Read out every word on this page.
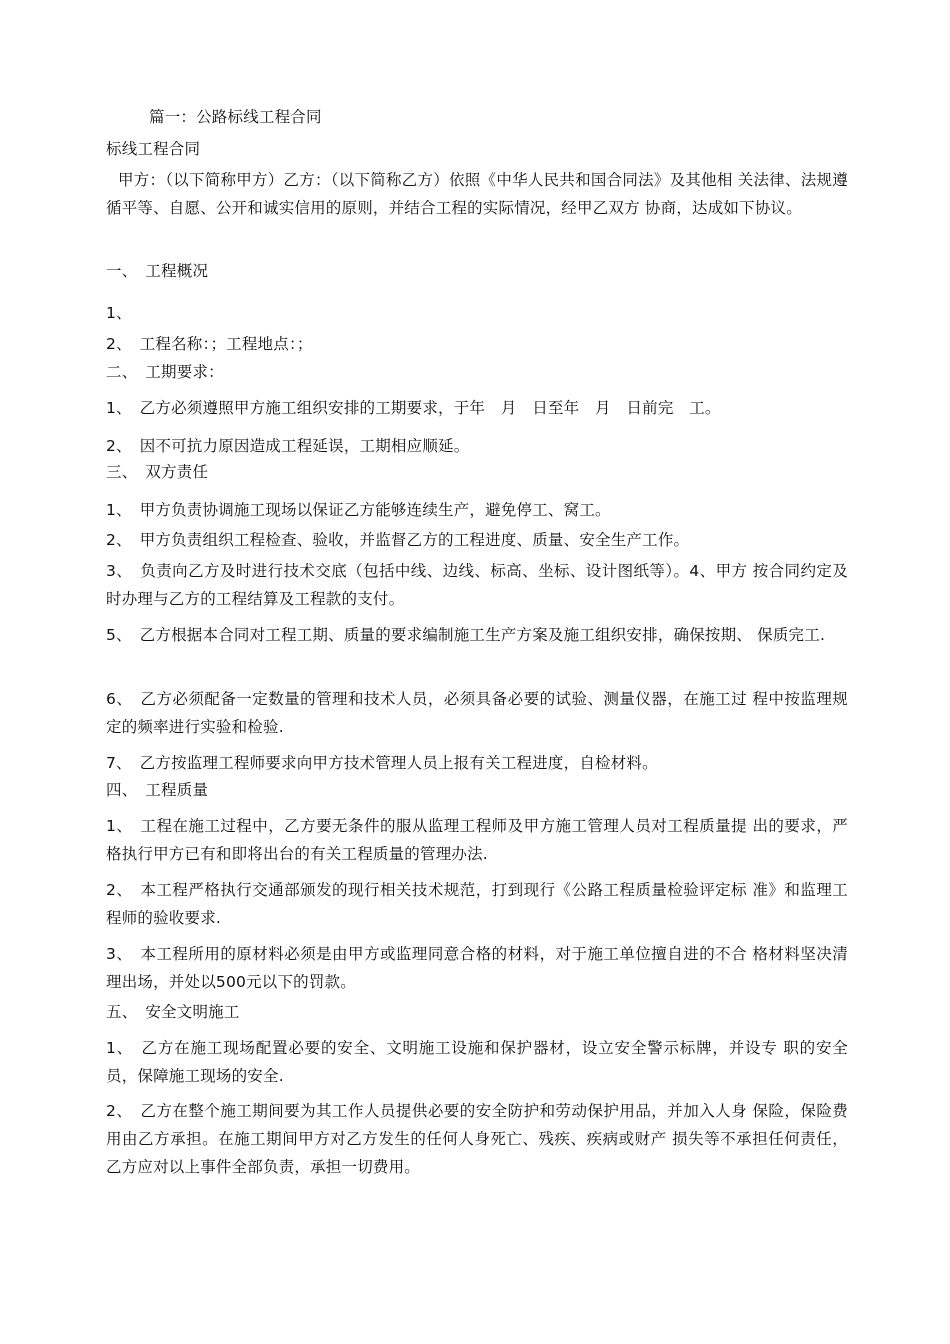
篇一：公路标线工程合同
标线工程合同
甲方：（以下简称甲方）乙方：（以下简称乙方）依照《中华人民共和国合同法》及其他相 关法律、法规遵循平等、自愿、公开和诚实信用的原则，并结合工程的实际情况，经甲乙双方 协商，达成如下协议。
一、　工程概况
1、
2、　工程名称：；工程地点：；
二、　工期要求：
1、　乙方必须遵照甲方施工组织安排的工期要求，于年　月　日至年　月　日前完　工。
2、　因不可抗力原因造成工程延误，工期相应顺延。
三、　双方责任
1、　甲方负责协调施工现场以保证乙方能够连续生产，避免停工、窝工。
2、　甲方负责组织工程检查、验收，并监督乙方的工程进度、质量、安全生产工作。
3、　负责向乙方及时进行技术交底（包括中线、边线、标高、坐标、设计图纸等）。4、甲方 按合同约定及时办理与乙方的工程结算及工程款的支付。
5、　乙方根据本合同对工程工期、质量的要求编制施工生产方案及施工组织安排，确保按期、 保质完工.
6、　乙方必须配备一定数量的管理和技术人员，必须具备必要的试验、测量仪器，在施工过 程中按监理规定的频率进行实验和检验.
7、　乙方按监理工程师要求向甲方技术管理人员上报有关工程进度，自检材料。
四、　工程质量
1、　工程在施工过程中，乙方要无条件的服从监理工程师及甲方施工管理人员对工程质量提 出的要求，严格执行甲方已有和即将出台的有关工程质量的管理办法.
2、　本工程严格执行交通部颁发的现行相关技术规范，打到现行《公路工程质量检验评定标 准》和监理工程师的验收要求.
3、　本工程所用的原材料必须是由甲方或监理同意合格的材料，对于施工单位擅自进的不合 格材料坚决清理出场，并处以500元以下的罚款。
五、　安全文明施工
1、　乙方在施工现场配置必要的安全、文明施工设施和保护器材，设立安全警示标牌，并设专 职的安全员，保障施工现场的安全.
2、　乙方在整个施工期间要为其工作人员提供必要的安全防护和劳动保护用品，并加入人身 保险，保险费用由乙方承担。在施工期间甲方对乙方发生的任何人身死亡、残疾、疾病或财产 损失等不承担任何责任，乙方应对以上事件全部负责，承担一切费用。
